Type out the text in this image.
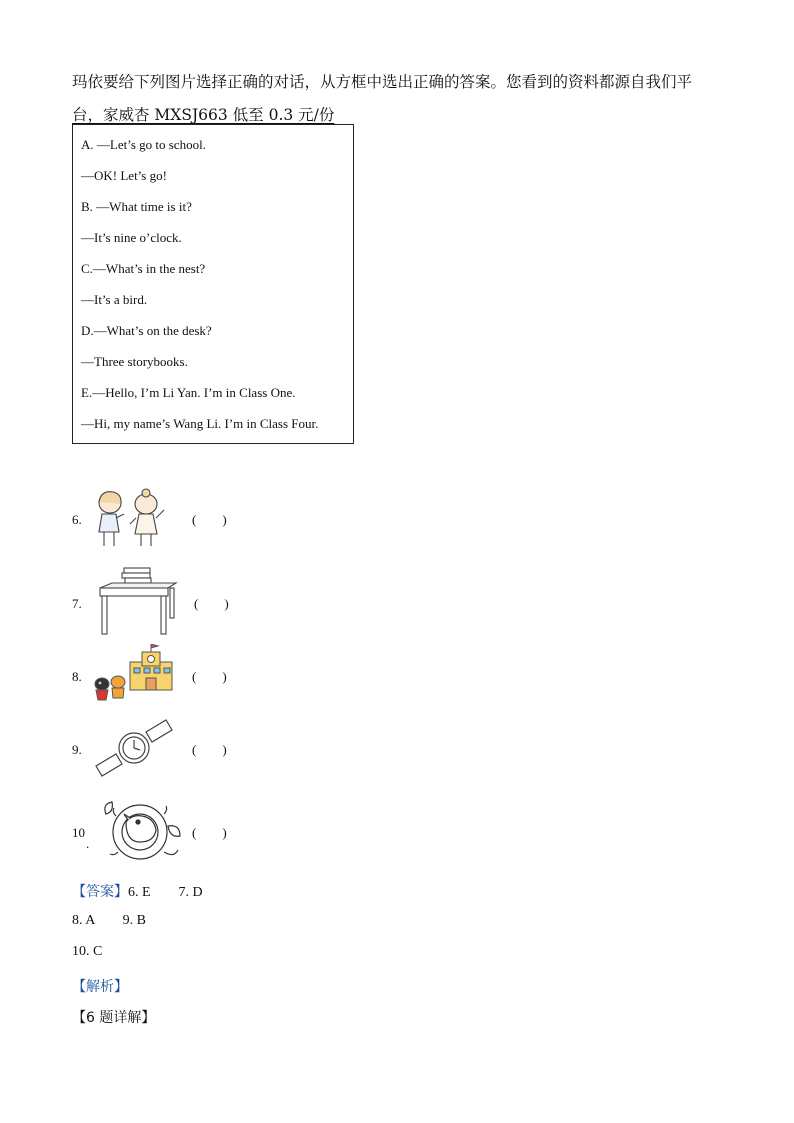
玛依要给下列图片选择正确的对话，从方框中选出正确的答案。您看到的资料都源自我们平
台，家威杏 MXSJ663 低至 0.3 元/份
A. —Let’s go to school.
—OK! Let’s go!
B. —What time is it?
—It’s nine o’clock.
C.—What’s in the nest?
—It’s a bird.
D.—What’s on the desk?
—Three storybooks.
E.—Hello, I’m Li Yan. I’m in Class One.
—Hi, my name’s Wang Li. I’m in Class Four.
6.	(        )
7.	(        )
8.	(        )
9.	(        )
10
.
(        )
【答案】6. E        7. D
8. A        9. B
10. C
【解析】
【6 题详解】
